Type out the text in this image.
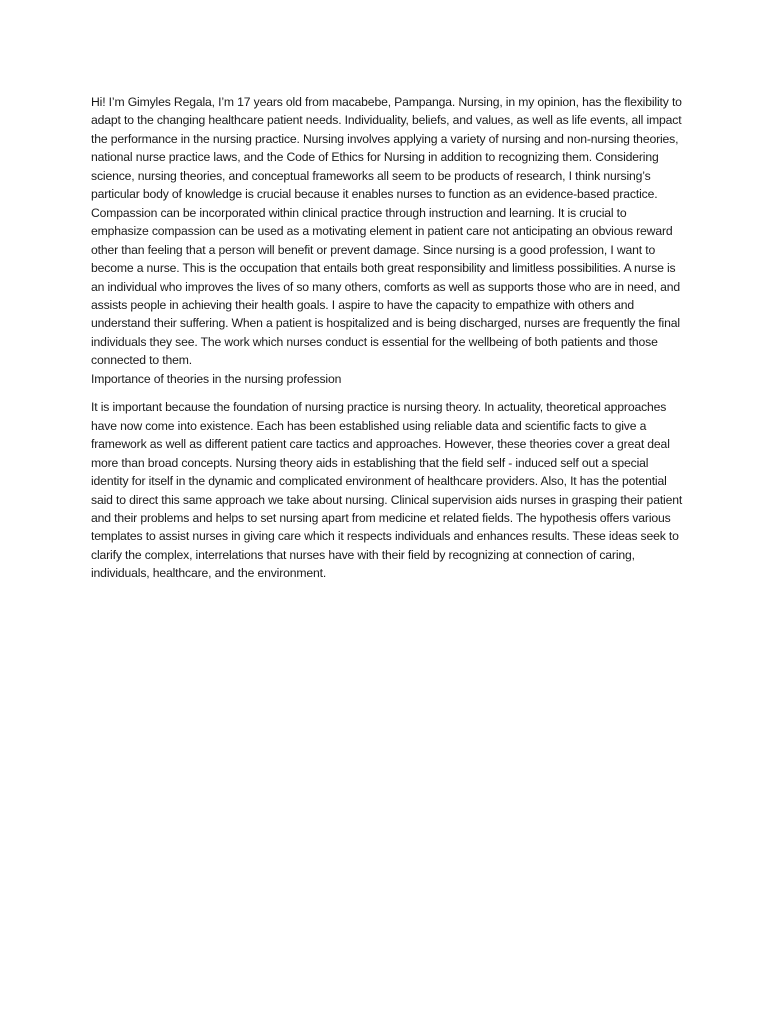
Hi! I’m Gimyles Regala, I’m 17 years old from macabebe, Pampanga. Nursing, in my opinion, has the flexibility to adapt to the changing healthcare patient needs. Individuality, beliefs, and values, as well as life events, all impact the performance in the nursing practice. Nursing involves applying a variety of nursing and non-nursing theories, national nurse practice laws, and the Code of Ethics for Nursing in addition to recognizing them. Considering science, nursing theories, and conceptual frameworks all seem to be products of research, I think nursing’s particular body of knowledge is crucial because it enables nurses to function as an evidence-based practice. Compassion can be incorporated within clinical practice through instruction and learning. It is crucial to emphasize compassion can be used as a motivating element in patient care not anticipating an obvious reward other than feeling that a person will benefit or prevent damage. Since nursing is a good profession, I want to become a nurse. This is the occupation that entails both great responsibility and limitless possibilities. A nurse is an individual who improves the lives of so many others, comforts as well as supports those who are in need, and assists people in achieving their health goals. I aspire to have the capacity to empathize with others and understand their suffering. When a patient is hospitalized and is being discharged, nurses are frequently the final individuals they see. The work which nurses conduct is essential for the wellbeing of both patients and those connected to them.

Importance of theories in the nursing profession

It is important because the foundation of nursing practice is nursing theory. In actuality, theoretical approaches have now come into existence. Each has been established using reliable data and scientific facts to give a framework as well as different patient care tactics and approaches. However, these theories cover a great deal more than broad concepts. Nursing theory aids in establishing that the field self - induced self out a special identity for itself in the dynamic and complicated environment of healthcare providers. Also, It has the potential said to direct this same approach we take about nursing. Clinical supervision aids nurses in grasping their patient and their problems and helps to set nursing apart from medicine et related fields. The hypothesis offers various templates to assist nurses in giving care which it respects individuals and enhances results. These ideas seek to clarify the complex, interrelations that nurses have with their field by recognizing at connection of caring, individuals, healthcare, and the environment.
